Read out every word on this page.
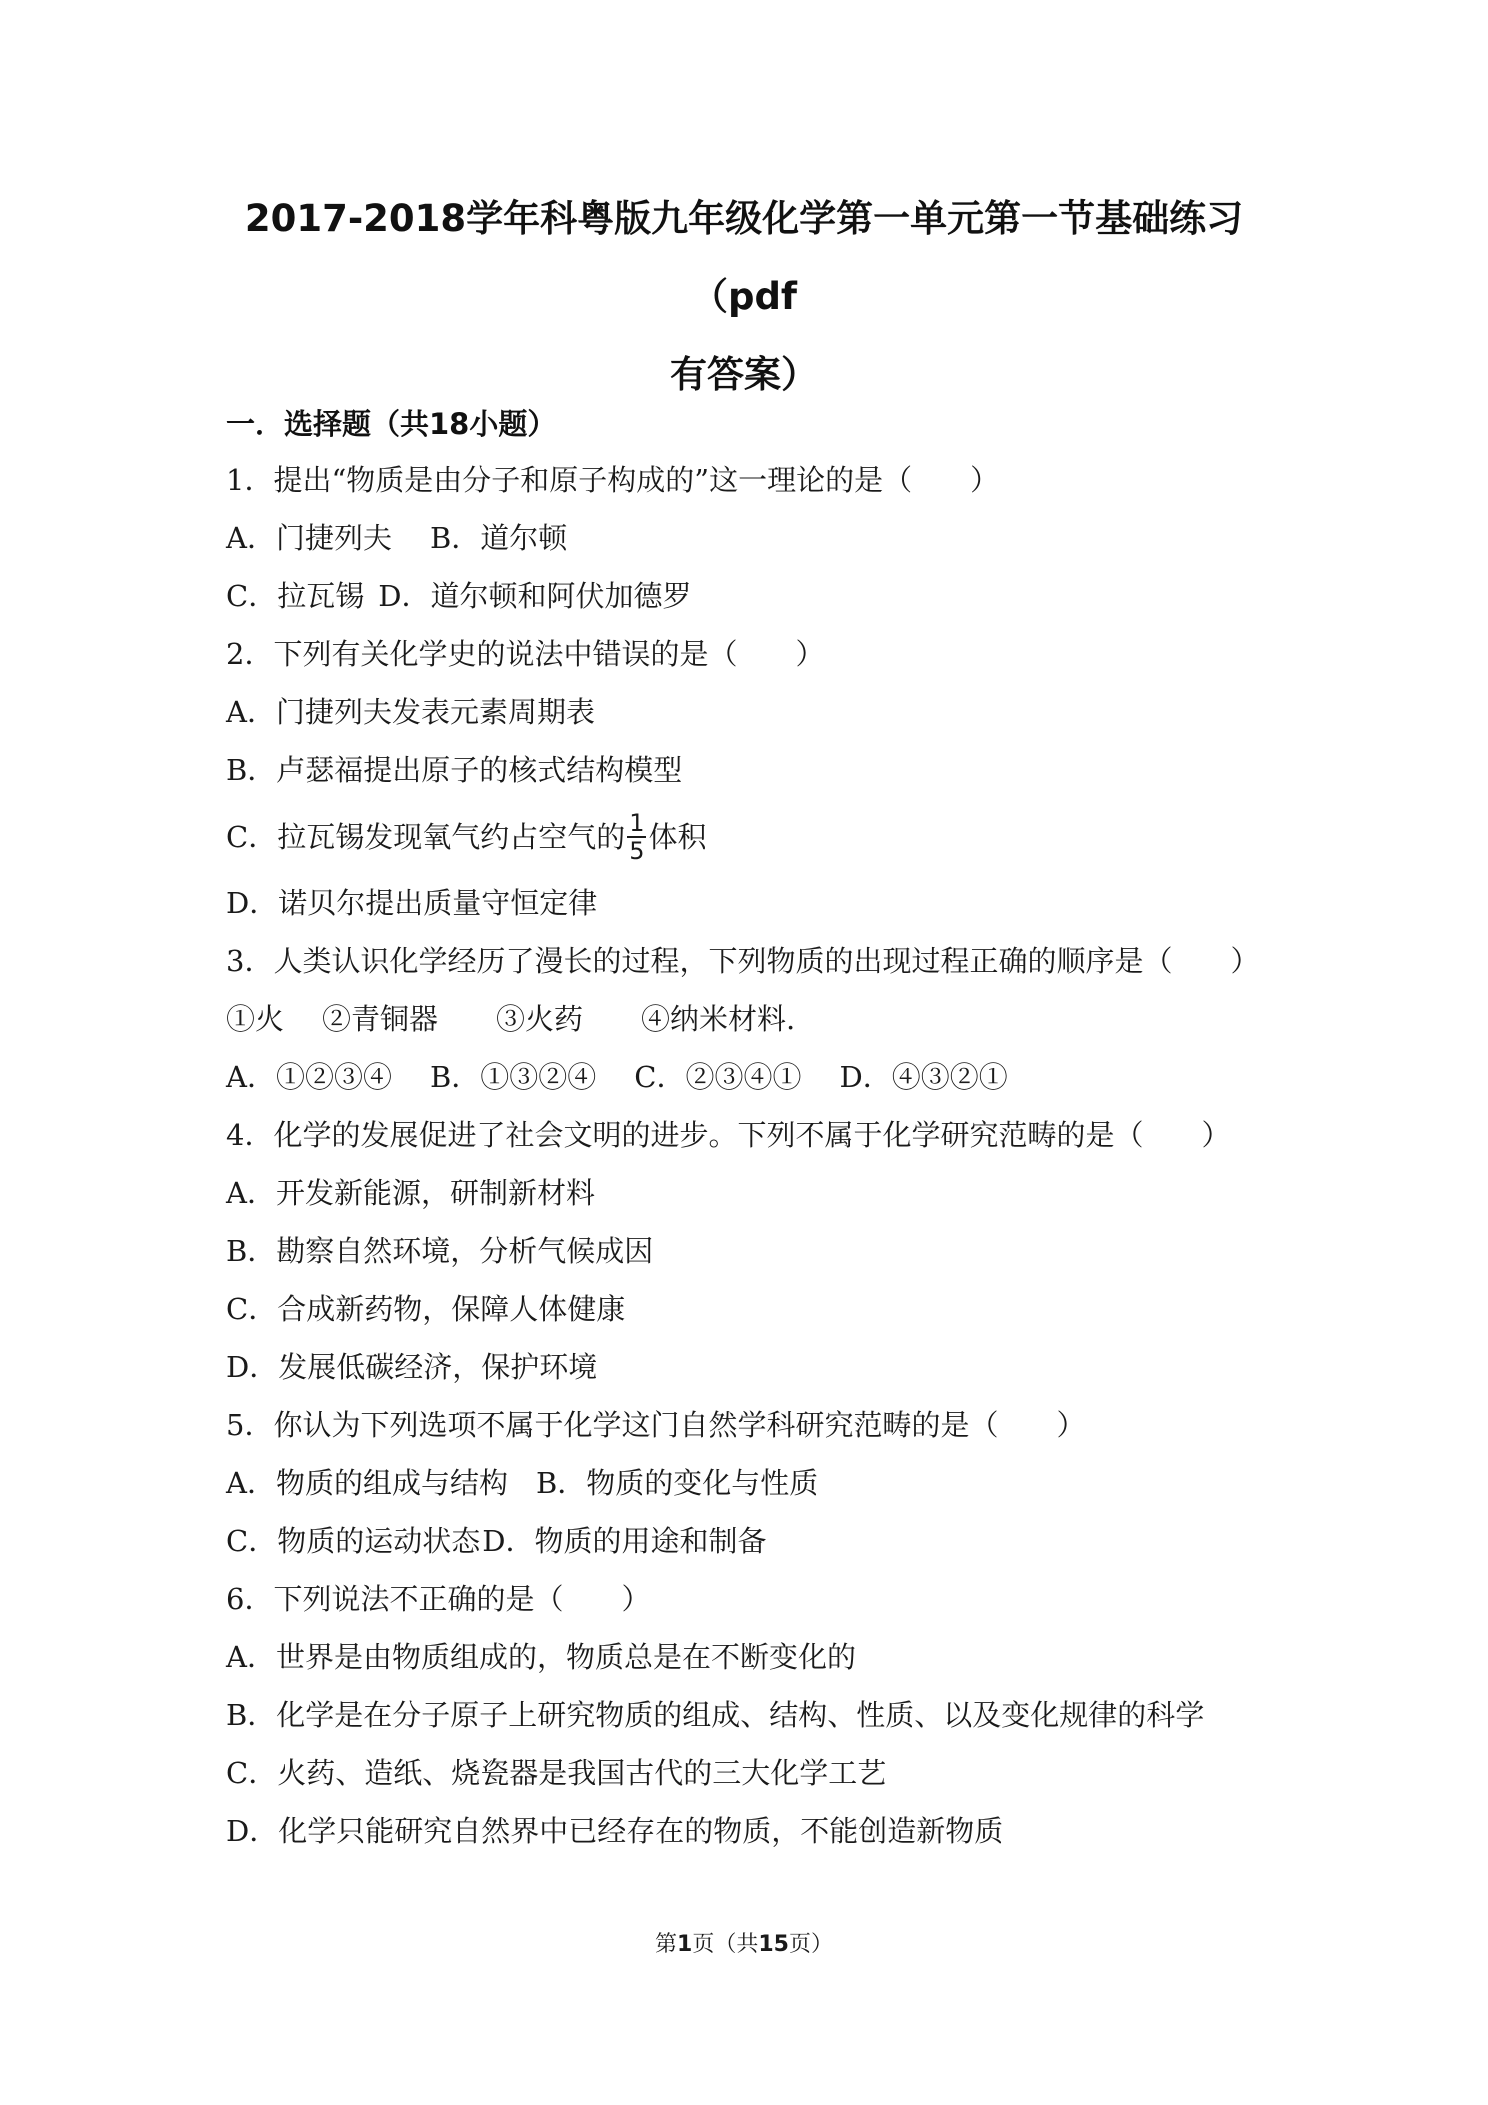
2017-2018学年科粤版九年级化学第一单元第一节基础练习（pdf
有答案）
一．选择题（共18小题）
1．提出“物质是由分子和原子构成的”这一理论的是（　　）
A．门捷列夫 B．道尔顿
C．拉瓦锡 D．道尔顿和阿伏加德罗
2．下列有关化学史的说法中错误的是（　　）
A．门捷列夫发表元素周期表
B．卢瑟福提出原子的核式结构模型
C．拉瓦锡发现氧气约占空气的 $\frac{1}{5}$ 体积
D．诺贝尔提出质量守恒定律
3．人类认识化学经历了漫长的过程，下列物质的出现过程正确的顺序是（　　）
①火 ②青铜器 ③火药 ④纳米材料.
A．①②③④ B．①③②④ C．②③④① D．④③②①
4．化学的发展促进了社会文明的进步。下列不属于化学研究范畴的是（　　）
A．开发新能源，研制新材料
B．勘察自然环境，分析气候成因
C．合成新药物，保障人体健康
D．发展低碳经济，保护环境
5．你认为下列选项不属于化学这门自然学科研究范畴的是（　　）
A．物质的组成与结构 B．物质的变化与性质
C．物质的运动状态D．物质的用途和制备
6．下列说法不正确的是（　　）
A．世界是由物质组成的，物质总是在不断变化的
B．化学是在分子原子上研究物质的组成、结构、性质、以及变化规律的科学
C．火药、造纸、烧瓷器是我国古代的三大化学工艺
D．化学只能研究自然界中已经存在的物质，不能创造新物质
第1页（共15页）
